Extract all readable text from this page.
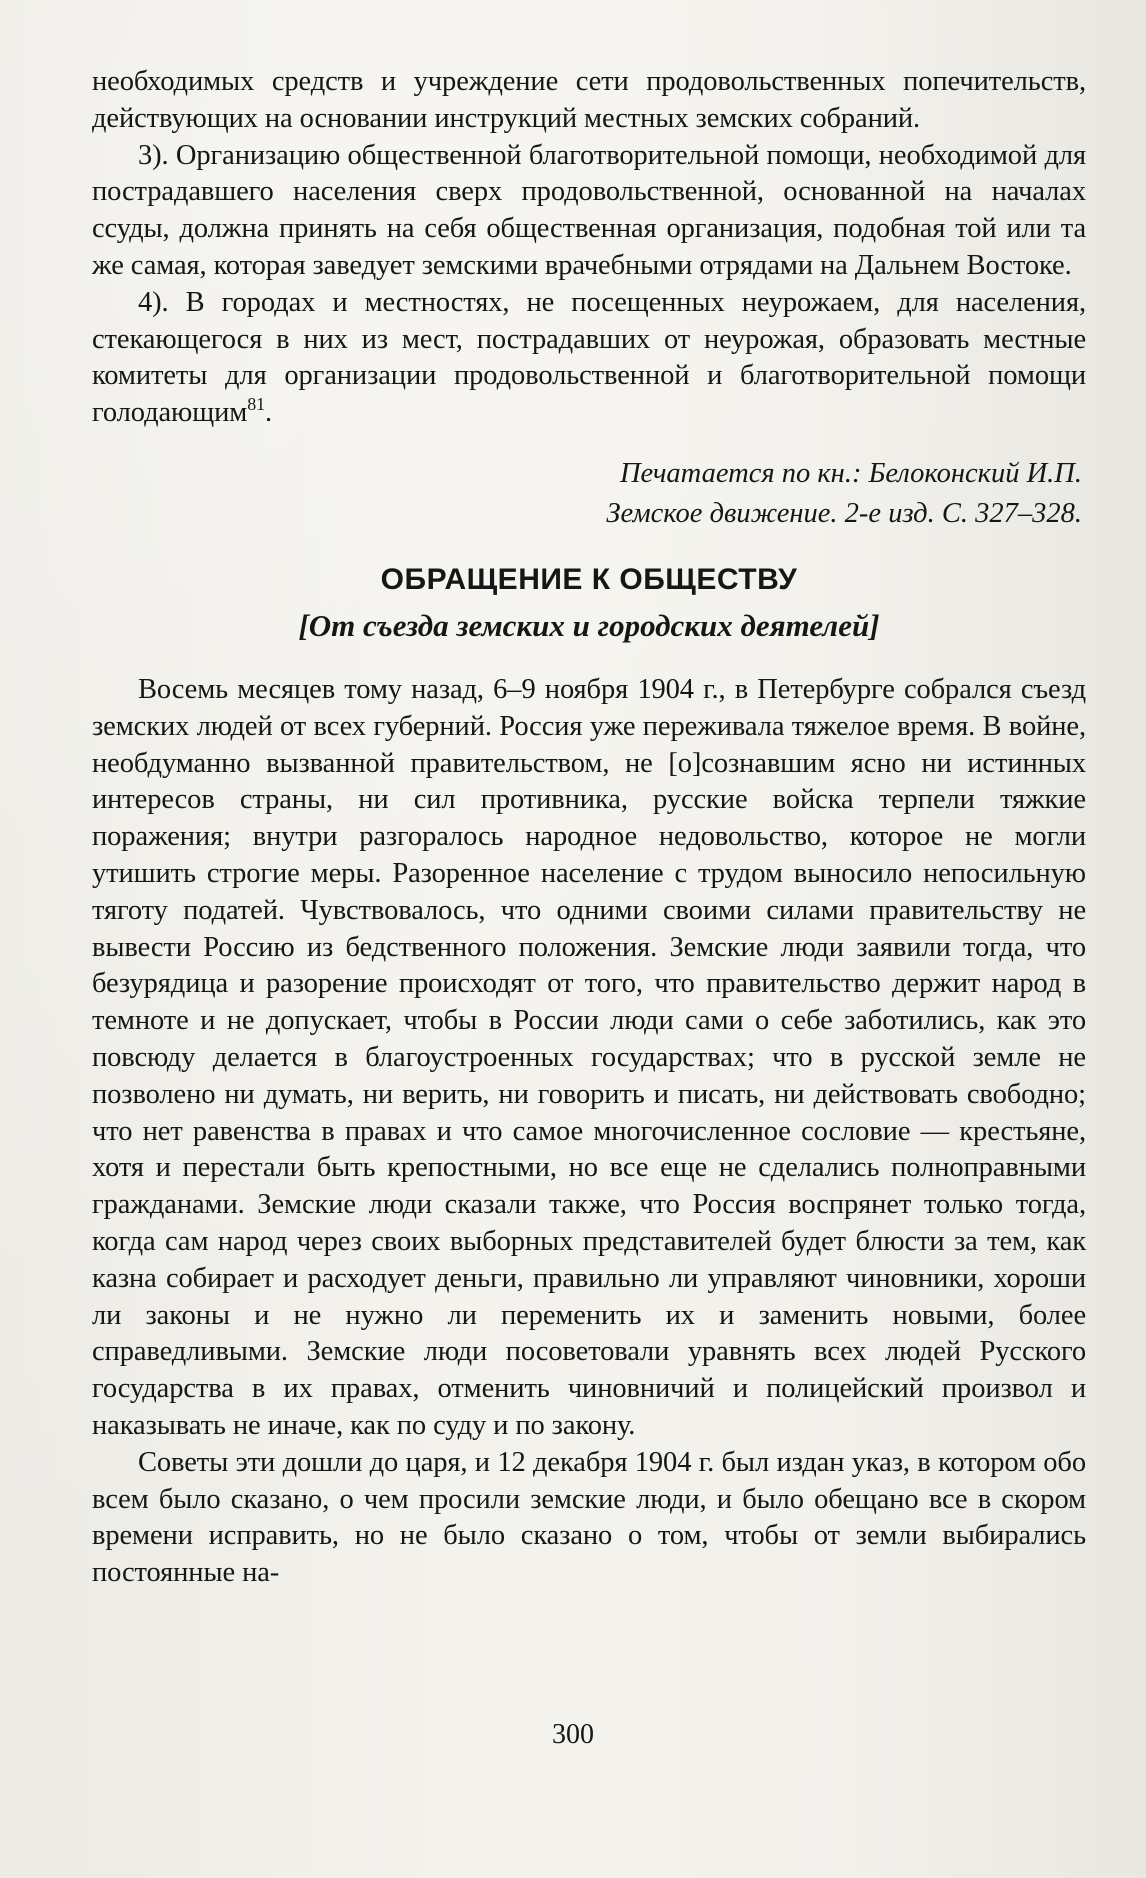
необходимых средств и учреждение сети продовольственных попечительств, действующих на основании инструкций местных земских собраний.

3). Организацию общественной благотворительной помощи, необходимой для пострадавшего населения сверх продовольственной, основанной на началах ссуды, должна принять на себя общественная организация, подобная той или та же самая, которая заведует земскими врачебными отрядами на Дальнем Востоке.

4). В городах и местностях, не посещенных неурожаем, для населения, стекающегося в них из мест, пострадавших от неурожая, образовать местные комитеты для организации продовольственной и благотворительной помощи голодающим$^{81}$.

Печатается по кн.: Белоконский И.П.
Земское движение. 2-е изд. С. 327–328.
ОБРАЩЕНИЕ К ОБЩЕСТВУ
[От съезда земских и городских деятелей]

Восемь месяцев тому назад, 6–9 ноября 1904 г., в Петербурге собрался съезд земских людей от всех губерний. Россия уже переживала тяжелое время. В войне, необдуманно вызванной правительством, не [о]сознавшим ясно ни истинных интересов страны, ни сил противника, русские войска терпели тяжкие поражения; внутри разгоралось народное недовольство, которое не могли утишить строгие меры. Разоренное население с трудом выносило непосильную тяготу податей. Чувствовалось, что одними своими силами правительству не вывести Россию из бедственного положения. Земские люди заявили тогда, что безурядица и разорение происходят от того, что правительство держит народ в темноте и не допускает, чтобы в России люди сами о себе заботились, как это повсюду делается в благоустроенных государствах; что в русской земле не позволено ни думать, ни верить, ни говорить и писать, ни действовать свободно; что нет равенства в правах и что самое многочисленное сословие — крестьяне, хотя и перестали быть крепостными, но все еще не сделались полноправными гражданами. Земские люди сказали также, что Россия воспрянет только тогда, когда сам народ через своих выборных представителей будет блюсти за тем, как казна собирает и расходует деньги, правильно ли управляют чиновники, хороши ли законы и не нужно ли переменить их и заменить новыми, более справедливыми. Земские люди посоветовали уравнять всех людей Русского государства в их правах, отменить чиновничий и полицейский произвол и наказывать не иначе, как по суду и по закону.

Советы эти дошли до царя, и 12 декабря 1904 г. был издан указ, в котором обо всем было сказано, о чем просили земские люди, и было обещано все в скором времени исправить, но не было сказано о том, чтобы от земли выбирались постоянные на-

300
